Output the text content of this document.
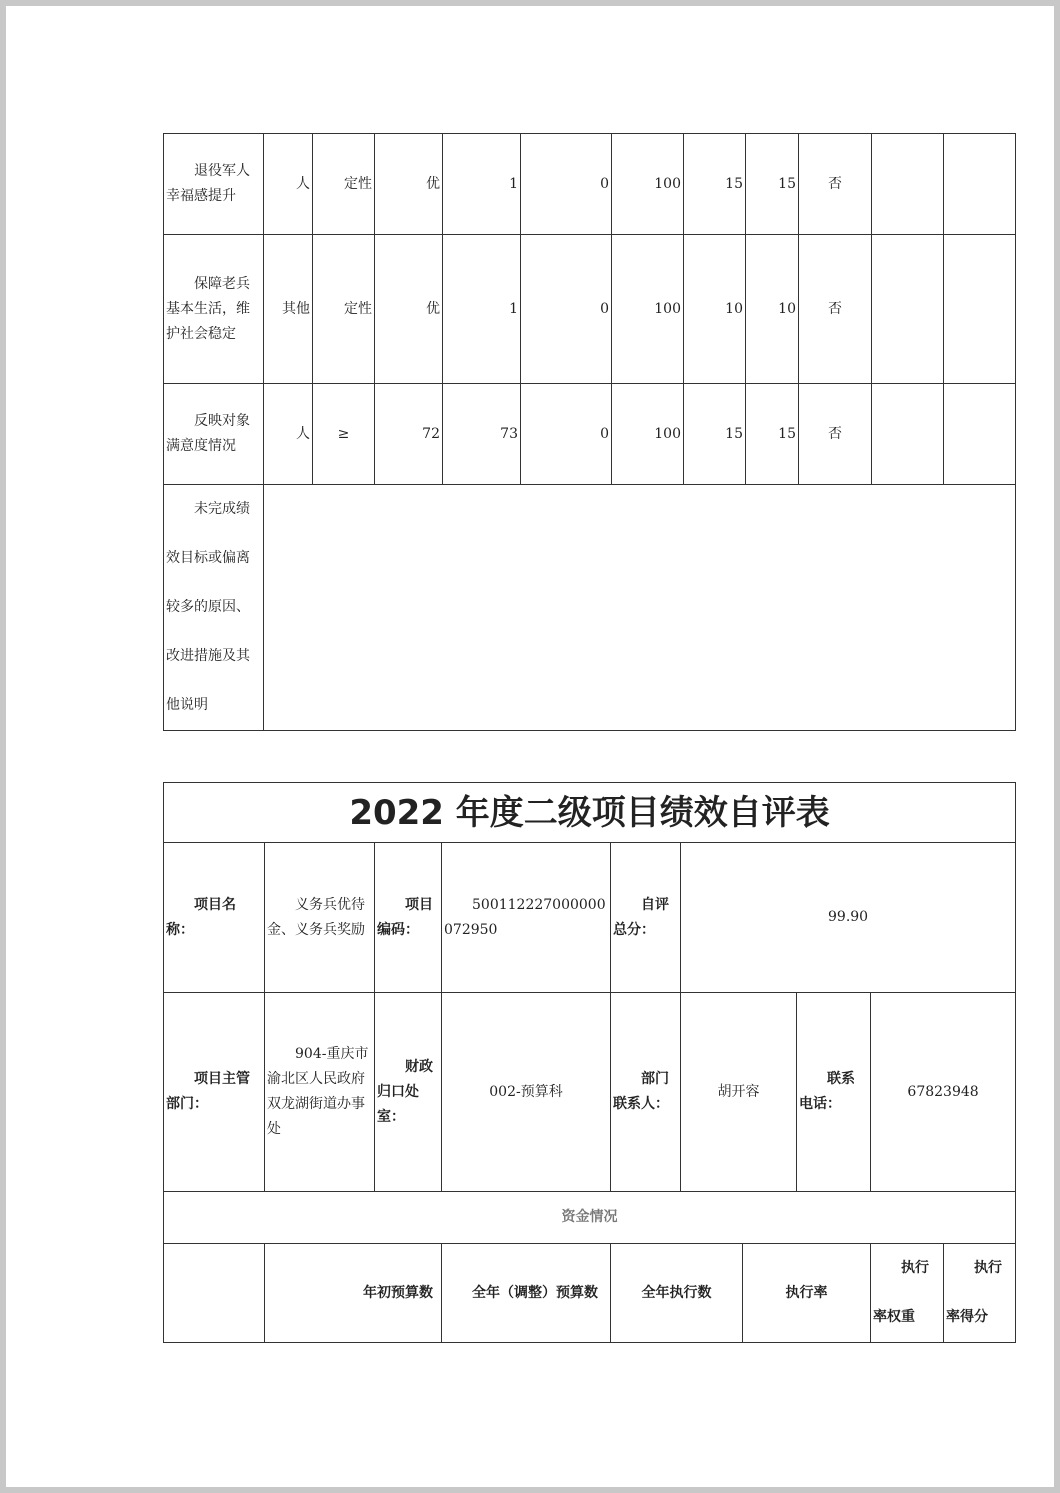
退役军人幸福感提升	人	定性	优	1	0	100	15	15	否		
保障老兵基本生活，维护社会稳定	其他	定性	优	1	0	100	10	10	否		
反映对象满意度情况	人	≥	72	73	0	100	15	15	否		
未完成绩效目标或偏离较多的原因、改进措施及其他说明											
2022 年度二级项目绩效自评表									
项目名称：	义务兵优待金、义务兵奖励	项目编码：	500112227000000072950	自评总分：	99.90				
项目主管部门：	904-重庆市渝北区人民政府双龙湖街道办事处	财政归口处室：	002-预算科	部门联系人：	胡开容		联系电话：	67823948	
资金情况									
	年初预算数		全年（调整）预算数	全年执行数		执行率		执行率权重	执行率得分
